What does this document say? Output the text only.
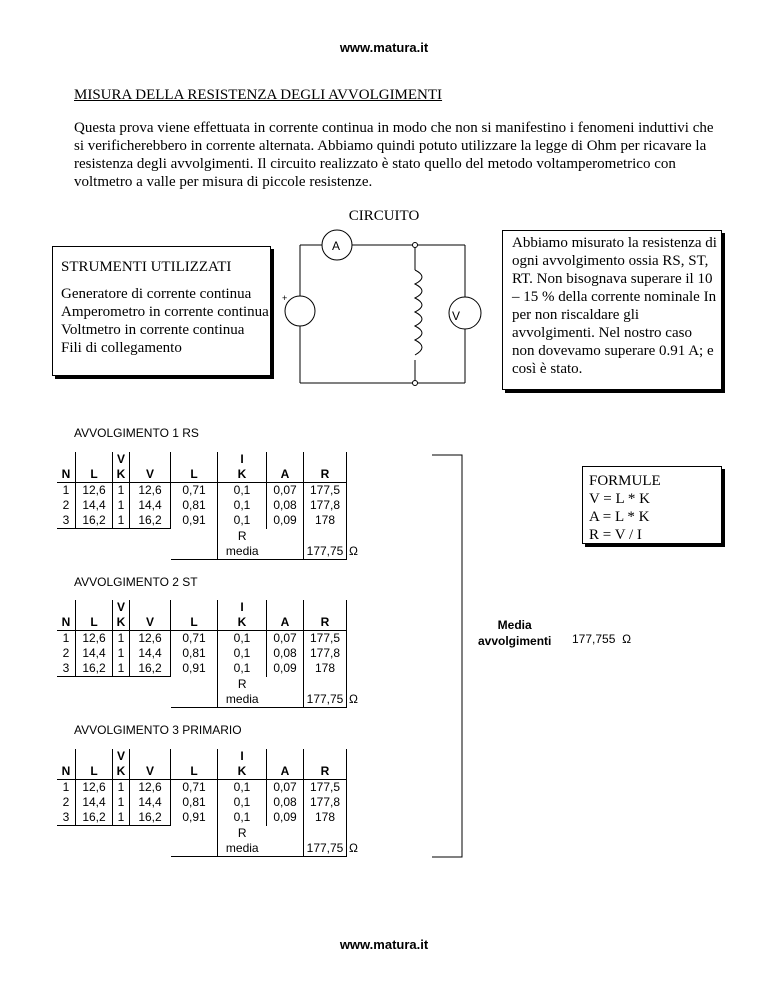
www.matura.it
MISURA DELLA RESISTENZA DEGLI AVVOLGIMENTI

Questa prova viene effettuata in corrente continua in modo che non si manifestino i fenomeni induttivi che si verificherebbero in corrente alternata. Abbiamo quindi potuto utilizzare la legge di Ohm per ricavare la resistenza degli avvolgimenti. Il circuito realizzato è stato quello del metodo voltamperometrico con voltmetro a valle per misura di piccole resistenze.

CIRCUITO

STRUMENTI UTILIZZATI

Generatore di corrente continua

Amperometro in corrente continua

Voltmetro in corrente continua

Fili di collegamento

A
V
+

Abbiamo misurato la resistenza di ogni avvolgimento ossia RS, ST, RT. Non bisognava superare il 10 – 15 % della corrente nominale In per non riscaldare gli avvolgimenti. Nel nostro caso non dovevamo superare 0.91 A; e così è stato.

FORMULE
V = L * K
A = L * K
R = V / I

AVVOLGIMENTO 1 RS
		V			I			
N	L	K	V	L	K	A	R	
1	12,6	1	12,6	0,71	0,1	0,07	177,5	
2	14,4	1	14,4	0,81	0,1	0,08	177,8	
3	16,2	1	16,2	0,91	0,1	0,09	178	
					R			
					media		177,75	Ω
AVVOLGIMENTO 2 ST
		V			I			
N	L	K	V	L	K	A	R	
1	12,6	1	12,6	0,71	0,1	0,07	177,5	
2	14,4	1	14,4	0,81	0,1	0,08	177,8	
3	16,2	1	16,2	0,91	0,1	0,09	178	
					R			
					media		177,75	Ω
AVVOLGIMENTO 3 PRIMARIO
		V			I			
N	L	K	V	L	K	A	R	
1	12,6	1	12,6	0,71	0,1	0,07	177,5	
2	14,4	1	14,4	0,81	0,1	0,08	177,8	
3	16,2	1	16,2	0,91	0,1	0,09	178	
					R			
					media		177,75	Ω
Media
avvolgimenti 177,755 Ω
www.matura.it
